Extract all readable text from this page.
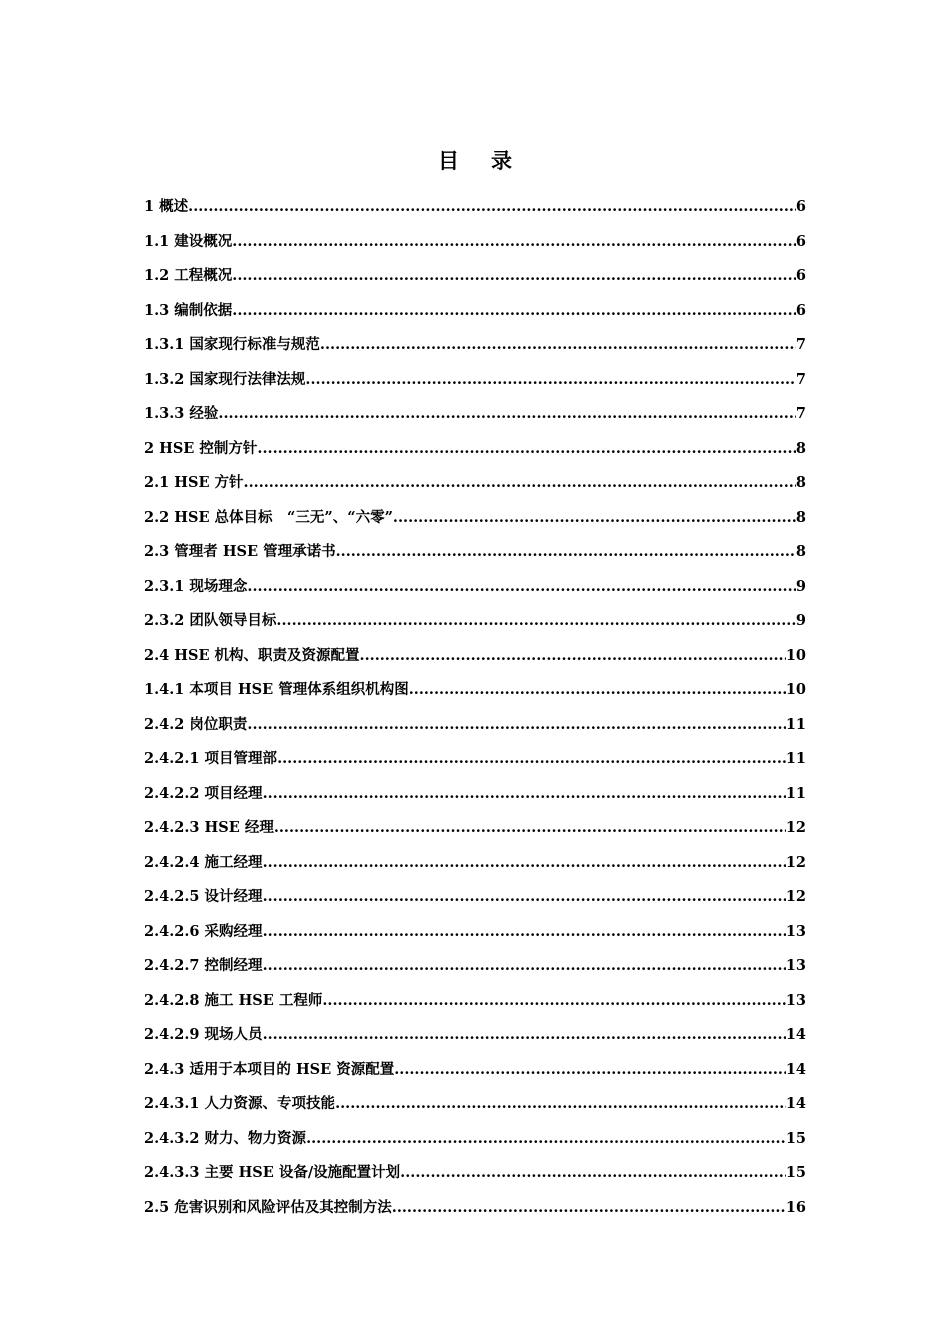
目 录
1 概述 .....	6
1.1 建设概况 .....	6
1.2 工程概况 .....	6
1.3 编制依据 .....	6
1.3.1 国家现行标准与规范 .....	7
1.3.2 国家现行法律法规 .....	7
1.3.3 经验 .....	7
2 HSE 控制方针 .....	8
2.1 HSE 方针 .....	8
2.2 HSE 总体目标　“三无”、“六零” .....	8
2.3 管理者 HSE 管理承诺书 .....	8
2.3.1 现场理念 .....	9
2.3.2 团队领导目标 .....	9
2.4 HSE 机构、职责及资源配置 .....	10
1.4.1 本项目 HSE 管理体系组织机构图 .....	10
2.4.2 岗位职责 .....	11
2.4.2.1 项目管理部 .....	11
2.4.2.2 项目经理 .....	11
2.4.2.3 HSE 经理 .....	12
2.4.2.4 施工经理 .....	12
2.4.2.5 设计经理 .....	12
2.4.2.6 采购经理 .....	13
2.4.2.7 控制经理 .....	13
2.4.2.8 施工 HSE 工程师 .....	13
2.4.2.9 现场人员 .....	14
2.4.3 适用于本项目的 HSE 资源配置 .....	14
2.4.3.1 人力资源、专项技能 .....	14
2.4.3.2 财力、物力资源 .....	15
2.4.3.3 主要 HSE 设备/设施配置计划 .....	15
2.5 危害识别和风险评估及其控制方法 .....	16
